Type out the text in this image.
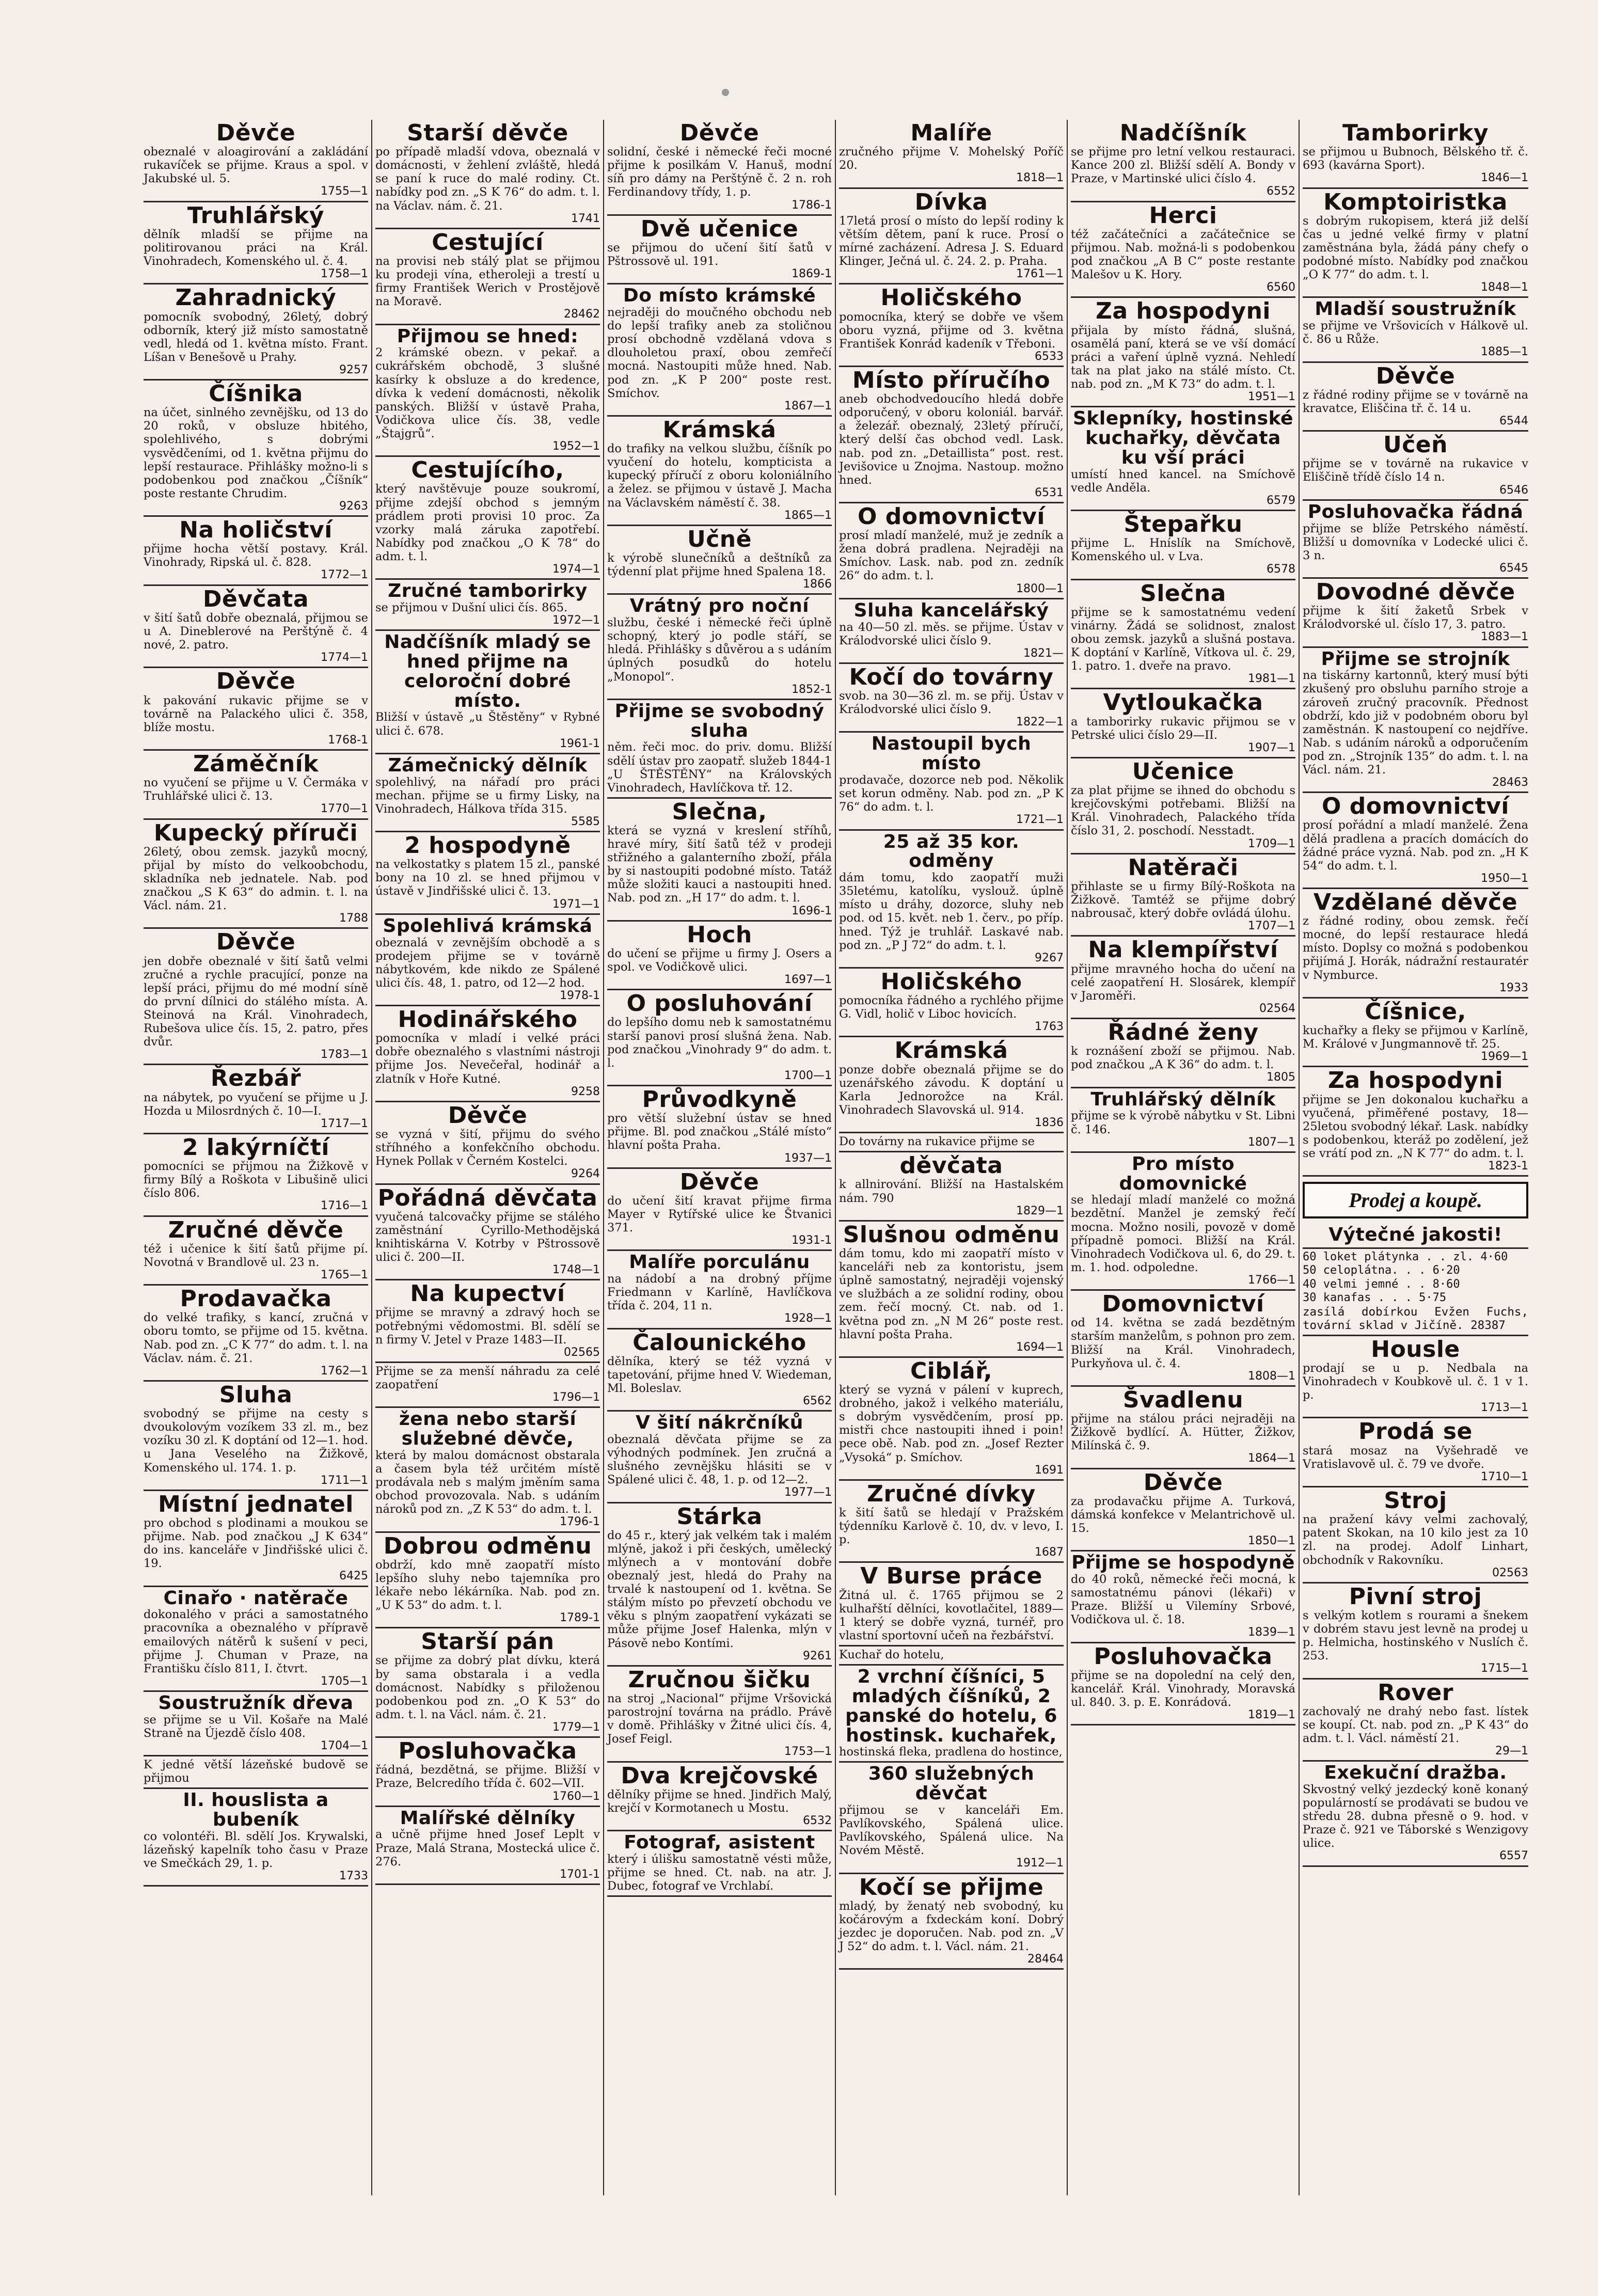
Děvče
obeznalé v aloagirování a zakládání rukavíček se přijme. Kraus a spol. v Jakubské ul. 5.
1755—1
Truhlářský
dělník mladší se přijme na politirovanou práci na Král. Vinohradech, Komenského ul. č. 4.
1758—1
Zahradnický
pomocník svobodný, 26letý, dobrý odborník, který již místo samostatně vedl, hledá od 1. května místo. Frant. Líšan v Benešově u Prahy.
9257
Číšnika
na účet, sinlného zevnějšku, od 13 do 20 roků, v obsluze hbitého, spolehlivého, s dobrými vysvědčeními, od 1. května přijmu do lepší restaurace. Přihlášky možno-li s podobenkou pod značkou „Číšník“ poste restante Chrudim.
9263
Na holičství
přijme hocha větší postavy. Král. Vinohrady, Ripská ul. č. 828.
1772—1
Děvčata
v šití šatů dobře obeznalá, přijmou se u A. Dineblerové na Perštýně č. 4 nové, 2. patro.
1774—1
Děvče
k pakování rukavic přijme se v továrně na Palackého ulici č. 358, blíže mostu.
1768-1
Záměčník
no vyučení se přijme u V. Čermáka v Truhlářské ulici č. 13.
1770—1
Kupecký příruči
26letý, obou zemsk. jazyků mocný, přijal by místo do velkoobchodu, skladníka neb jednatele. Nab. pod značkou „S K 63“ do admin. t. l. na Václ. nám. 21.
1788
Děvče
jen dobře obeznalé v šití šatů velmi zručné a rychle pracující, ponze na lepší práci, přijmu do mé modní síně do první dílnici do stálého místa. A. Steinová na Král. Vinohradech, Rubešova ulice čís. 15, 2. patro, přes dvůr.
1783—1
Řezbář
na nábytek, po vyučení se přijme u J. Hozda u Milosrdných č. 10—I.
1717—1
2 lakýrníčtí
pomocníci se přijmou na Žižkově v firmy Bílý a Roškota v Libušině ulici číslo 806.
1716—1
Zručné děvče
též i učenice k šití šatů přijme pí. Novotná v Brandlově ul. 23 n.
1765—1
Prodavačka
do velké trafiky, s kancí, zručná v oboru tomto, se přijme od 15. května. Nab. pod zn. „C K 77“ do adm. t. l. na Václav. nám. č. 21.
1762—1
Sluha
svobodný se přijme na cesty s dvoukolovým vozíkem 33 zl. m., bez vozíku 30 zl. K doptání od 12—1. hod. u Jana Veselého na Žižkově, Komenského ul. 174. 1. p.
1711—1
Místní jednatel
pro obchod s plodinami a moukou se přijme. Nab. pod značkou „J K 634“ do ins. kanceláře v Jindřišské ulici č. 19.
6425
Cinařo · natěrače
dokonalého v práci a samostatného pracovníka a obeznalého v přípravě emailových nátěrů k sušení v peci, přijme J. Chuman v Praze, na Františku číslo 811, I. čtvrt.
1705—1
Soustružník dřeva
se přijme se u Vil. Košaře na Malé Straně na Újezdě číslo 408.
1704—1
K jedné větší lázeňské budově se přijmou
II. houslista a bubeník
co volontéři. Bl. sdělí Jos. Krywalski, lázeňský kapelník toho času v Praze ve Smečkách 29, 1. p.
1733
Starší děvče
po případě mladší vdova, obeznalá v domácnosti, v žehlení zvláště, hledá se paní k ruce do malé rodiny. Ct. nabídky pod zn. „S K 76“ do adm. t. l. na Václav. nám. č. 21.
1741
Cestující
na provisi neb stálý plat se přijmou ku prodeji vína, etheroleji a trestí u firmy František Werich v Prostějově na Moravě.
28462
Přijmou se hned:
2 krámské obezn. v pekař. a cukrářském obchodě, 3 slušné kasírky k obsluze a do kredence, dívka k vedení domácnosti, několik panských. Bližší v ústavě Praha, Vodičkova ulice čís. 38, vedle „Štajgrů“.
1952—1
Cestujícího,
který navštěvuje pouze soukromí, přijme zdejší obchod s jemným prádlem proti provisi 10 proc. Za vzorky malá záruka zapotřebí. Nabídky pod značkou „O K 78“ do adm. t. l.
1974—1
Zručné tamborirky
se přijmou v Dušní ulici čís. 865.
1972—1
Nadčíšník mladý se hned přijme na celoroční dobré místo.
Bližší v ústavě „u Štěstěny“ v Rybné ulici č. 678.
1961-1
Zámečnický dělník
spolehlivý, na nářadí pro práci mechan. přijme se u firmy Lisky, na Vinohradech, Hálkova třída 315.
5585
2 hospodyně
na velkostatky s platem 15 zl., panské bony na 10 zl. se hned přijmou v ústavě v Jindřišské ulici č. 13.
1971—1
Spolehlivá krámská
obeznalá v zevnějším obchodě a s prodejem přijme se v továrně nábytkovém, kde nikdo ze Spálené ulici čís. 48, 1. patro, od 12—2 hod.
1978-1
Hodinářského
pomocníka v mladí i velké práci dobře obeznalého s vlastními nástroji přijme Jos. Nevečeřal, hodinář a zlatník v Hoře Kutné.
9258
Děvče
se vyzná v šití, přijmu do svého stříhného a konfekčního obchodu. Hynek Pollak v Černém Kostelci.
9264
Pořádná děvčata
vyučená talcovačky přijme se stálého zaměstnání Cyrillo-Methodějská knihtiskárna V. Kotrby v Pštrossově ulici č. 200—II.
1748—1
Na kupectví
přijme se mravný a zdravý hoch se potřebnými vědomostmi. Bl. sdělí se n firmy V. Jetel v Praze 1483—II.
02565
Přijme se za menší náhradu za celé zaopatření
1796—1
žena nebo starší služebné děvče,
která by malou domácnost obstarala a časem byla též určitém místě prodávala neb s malým jměním sama obchod provozovala. Nab. s udáním nároků pod zn. „Z K 53“ do adm. t. l.
1796-1
Dobrou odměnu
obdrží, kdo mně zaopatří místo lepšího sluhy nebo tajemníka pro lékaře nebo lékárníka. Nab. pod zn. „U K 53“ do adm. t. l.
1789-1
Starší pán
se přijme za dobrý plat dívku, která by sama obstarala i a vedla domácnost. Nabídky s přiloženou podobenkou pod zn. „O K 53“ do adm. t. l. na Václ. nám. č. 21.
1779—1
Posluhovačka
řádná, bezdětná, se přijme. Bližší v Praze, Belcredího třída č. 602—VII.
1760—1
Malířské dělníky
a učně přijme hned Josef Leplt v Praze, Malá Strana, Mostecká ulice č. 276.
1701-1
Děvče
solidní, české i německé řeči mocné přijme k posilkám V. Hanuš, modní síň pro dámy na Perštýně č. 2 n. roh Ferdinandovy třídy, 1. p.
1786-1
Dvě učenice
se přijmou do učení šití šatů v Pštrossově ul. 191.
1869-1
Do místo krámské
nejraději do moučného obchodu neb do lepší trafiky aneb za stoličnou prosí obchodně vzdělaná vdova s dlouholetou praxí, obou zemřečí mocná. Nastoupiti může hned. Nab. pod zn. „K P 200“ poste rest. Smíchov.
1867—1
Krámská
do trafiky na velkou službu, číšník po vyučení do hotelu, kompticista a kupecký příručí z oboru koloniálního a želez. se přijmou v ústavě J. Macha na Václavském náměstí č. 38.
1865—1
Učně
k výrobě slunečníků a deštníků za týdenní plat přijme hned Spalena 18.
1866
Vrátný pro noční
službu, české i německé řeči úplně schopný, který jo podle stáří, se hledá. Přihlášky s důvěrou a s udáním úplných posudků do hotelu „Monopol“.
1852-1
Přijme se svobodný sluha
něm. řeči moc. do priv. domu. Bližší sdělí ústav pro zaopatř. služeb 1844-1 „U ŠTĚSTĚNY“ na Královských Vinohradech, Havlíčkova tř. 12.
Slečna,
která se vyzná v kreslení stříhů, hravé míry, šití šatů též v prodeji střižného a galanterního zboží, přála by si nastoupiti podobné místo. Tatáž může složiti kauci a nastoupiti hned. Nab. pod zn. „H 17“ do adm. t. l.
1696-1
Hoch
do učení se přijme u firmy J. Osers a spol. ve Vodičkově ulici.
1697—1
O posluhování
do lepšího domu neb k samostatnému starší panovi prosí slušná žena. Nab. pod značkou „Vinohrady 9“ do adm. t. l.
1700—1
Průvodkyně
pro větší služební ústav se hned přijme. Bl. pod značkou „Stálé místo“ hlavní pošta Praha.
1937—1
Děvče
do učení šití kravat přijme firma Mayer v Rytířské ulice ke Štvanici 371.
1931-1
Malíře porculánu
na nádobí a na drobný příjme Friedmann v Karlíně, Havlíčkova třída č. 204, 11 n.
1928—1
Čalounického
dělníka, který se též vyzná v tapetování, přijme hned V. Wiedeman, Ml. Boleslav.
6562
V šití nákrčníků
obeznalá děvčata přijme se za výhodných podmínek. Jen zručná a slušného zevnějšku hlásiti se v Spálené ulici č. 48, 1. p. od 12—2.
1977—1
Stárka
do 45 r., který jak velkém tak i malém mlýně, jakož i při českých, umělecký mlýnech a v montování dobře obeznalý jest, hledá do Prahy na trvalé k nastoupení od 1. května. Se stálým místo po převzetí obchodu ve věku s plným zaopatření vykázati se může přijme Josef Halenka, mlýn v Pásově nebo Kontími.
9261
Zručnou šičku
na stroj „Nacional“ přijme Vršovická parostrojní továrna na prádlo. Právě v domě. Přihlášky v Žitné ulici čís. 4, Josef Feigl.
1753—1
Dva krejčovské
dělníky přijme se hned. Jindřich Malý, krejčí v Kormotanech u Mostu.
6532
Fotograf, asistent
který i úlišku samostatně vésti může, přijme se hned. Ct. nab. na atr. J. Dubec, fotograf ve Vrchlabí.
Malíře
zručného přijme V. Mohelský Poříč 20.
1818—1
Dívka
17letá prosí o místo do lepší rodiny k větším dětem, paní k ruce. Prosí o mírné zacházení. Adresa J. S. Eduard Klinger, Ječná ul. č. 24. 2. p. Praha.
1761—1
Holičského
pomocníka, který se dobře ve všem oboru vyzná, přijme od 3. května František Konrád kadeník v Třeboni.
6533
Místo příručího
aneb obchodvedoucího hledá dobře odporučený, v oboru koloniál. barvář. a železář. obeznalý, 23letý příručí, který delší čas obchod vedl. Lask. nab. pod zn. „Detaillista“ post. rest. Jevišovice u Znojma. Nastoup. možno hned.
6531
O domovnictví
prosí mladí manželé, muž je zedník a žena dobrá pradlena. Nejraději na Smíchov. Lask. nab. pod zn. zedník 26“ do adm. t. l.
1800—1
Sluha kancelářský
na 40—50 zl. měs. se přijme. Ústav v Králodvorské ulici číslo 9.
1821—
Kočí do továrny
svob. na 30—36 zl. m. se přij. Ústav v Králodvorské ulici číslo 9.
1822—1
Nastoupil bych místo
prodavače, dozorce neb pod. Několik set korun odměny. Nab. pod zn. „P K 76“ do adm. t. l.
1721—1
25 až 35 kor. odměny
dám tomu, kdo zaopatří muži 35letému, katolíku, vyslouž. úplně místo u dráhy, dozorce, sluhy neb pod. od 15. květ. neb 1. červ., po příp. hned. Týž je truhlář. Laskavé nab. pod zn. „P J 72“ do adm. t. l.
9267
Holičského
pomocníka řádného a rychlého přijme G. Vidl, holič v Liboc hovicích.
1763
Krámská
ponze dobře obeznalá přijme se do uzenářského závodu. K doptání u Karla Jednorožce na Král. Vinohradech Slavovská ul. 914.
1836
Do továrny na rukavice přijme se
děvčata
k allnirování. Bližší na Hastalském nám. 790
1829—1
Slušnou odměnu
dám tomu, kdo mi zaopatří místo v kanceláři neb za kontoristu, jsem úplně samostatný, nejraději vojenský ve službách a ze solidní rodiny, obou zem. řečí mocný. Ct. nab. od 1. května pod zn. „N M 26“ poste rest. hlavní pošta Praha.
1694—1
Ciblář,
který se vyzná v pálení v kuprech, drobného, jakož i velkého materiálu, s dobrým vysvědčením, prosí pp. mistři chce nastoupiti ihned i poin! pece obě. Nab. pod zn. „Josef Rezter „Vysoká“ p. Smíchov.
1691
Zručné dívky
k šití šatů se hledají v Pražském týdenníku Karlově č. 10, dv. v levo, I. p.
1687
V Burse práce
Žitná ul. č. 1765 přijmou se 2 kulhařští dělníci, kovotlačitel, 1889—1 který se dobře vyzná, turnéř, pro vlastní sportovní učeň na řezbářství.
Kuchař do hotelu,
2 vrchní číšníci, 5 mladých číšníků, 2 panské do hotelu, 6 hostinsk. kuchařek,
hostinská fleka, pradlena do hostince,
360 služebných děvčat
přijmou se v kanceláři Em. Pavlíkovského, Spálená ulice. Pavlíkovského, Spálená ulice. Na Novém Městě.
1912—1
Kočí se přijme
mladý, by ženatý neb svobodný, ku kočárovým a fxdeckám koní. Dobrý jezdec je doporučen. Nab. pod zn. „V J 52“ do adm. t. l. Václ. nám. 21.
28464
Nadčíšník
se přijme pro letní velkou restauraci. Kance 200 zl. Bližší sdělí A. Bondy v Praze, v Martinské ulici číslo 4.
6552
Herci
též začátečníci a začátečnice se přijmou. Nab. možná-li s podobenkou pod značkou „A B C“ poste restante Malešov u K. Hory.
6560
Za hospodyni
přijala by místo řádná, slušná, osamělá paní, která se ve vší domácí práci a vaření úplně vyzná. Nehledí tak na plat jako na stálé místo. Ct. nab. pod zn. „M K 73“ do adm. t. l.
1951—1
Sklepníky, hostinské kuchařky, děvčata ku vší práci
umístí hned kancel. na Smíchově vedle Anděla.
6579
Štepařku
přijme L. Hníslík na Smíchově, Komenského ul. v Lva.
6578
Slečna
přijme se k samostatnému vedení vinárny. Žádá se solidnost, znalost obou zemsk. jazyků a slušná postava. K doptání v Karlíně, Vítkova ul. č. 29, 1. patro. 1. dveře na pravo.
1981—1
Vytloukačka
a tamborirky rukavic přijmou se v Petrské ulici číslo 29—II.
1907—1
Učenice
za plat přijme se ihned do obchodu s krejčovskými potřebami. Bližší na Král. Vinohradech, Palackého třída číslo 31, 2. poschodí. Nesstadt.
1709—1
Natěrači
přihlaste se u firmy Bílý-Roškota na Žižkově. Tamtéž se přijme dobrý nabrousač, který dobře ovládá úlohu.
1707—1
Na klempířství
přijme mravného hocha do učení na celé zaopatření H. Slosárek, klempíř v Jaroměři.
02564
Řádné ženy
k roznášení zboží se přijmou. Nab. pod značkou „A K 36“ do adm. t. l.
1805
Truhlářský dělník
přijme se k výrobě nábytku v St. Libni č. 146.
1807—1
Pro místo domovnické
se hledají mladí manželé co možná bezdětní. Manžel je zemský řečí mocna. Možno nosili, povozě v domě případně pomoci. Bližší na Král. Vinohradech Vodičkova ul. 6, do 29. t. m. 1. hod. odpoledne.
1766—1
Domovnictví
od 14. května se zadá bezdětným starším manželům, s pohnon pro zem. Bližší na Král. Vinohradech, Purkyňova ul. č. 4.
1808—1
Švadlenu
přijme na stálou práci nejraději na Žižkově bydlící. A. Hütter, Žižkov, Milínská č. 9.
1864—1
Děvče
za prodavačku přijme A. Turková, dámská konfekce v Melantrichově ul. 15.
1850—1
Přijme se hospodyně
do 40 roků, německé řeči mocná, k samostatnému pánovi (lékaři) v Praze. Bližší u Vilemíny Srbové, Vodičkova ul. č. 18.
1839—1
Posluhovačka
přijme se na dopolední na celý den, kancelář. Král. Vinohrady, Moravská ul. 840. 3. p. E. Konrádová.
1819—1
Tamborirky
se přijmou u Bubnoch, Bělského tř. č. 693 (kavárna Sport).
1846—1
Komptoiristka
s dobrým rukopisem, která již delší čas u jedné velké firmy v platní zaměstnána byla, žádá pány chefy o podobné místo. Nabídky pod značkou „O K 77“ do adm. t. l.
1848—1
Mladší soustružník
se přijme ve Vršovicích v Hálkově ul. č. 86 u Růže.
1885—1
Děvče
z řádné rodiny přijme se v továrně na kravatce, Eliščina tř. č. 14 u.
6544
Učeň
přijme se v továrně na rukavice v Eliščině třídě číslo 14 n.
6546
Posluhovačka řádná
přijme se blíže Petrského náměstí. Bližší u domovníka v Lodecké ulici č. 3 n.
6545
Dovodné děvče
přijme k šití žaketů Srbek v Králodvorské ul. číslo 17, 3. patro.
1883—1
Přijme se strojník
na tiskárny kartonnů, který musí býti zkušený pro obsluhu parního stroje a zároveň zručný pracovník. Přednost obdrží, kdo již v podobném oboru byl zaměstnán. K nastoupení co nejdříve. Nab. s udáním nároků a odporučením pod zn. „Strojník 135“ do adm. t. l. na Václ. nám. 21.
28463
O domovnictví
prosí pořádní a mladí manželé. Žena dělá pradlena a pracích domácích do žádné práce vyzná. Nab. pod zn. „H K 54“ do adm. t. l.
1950—1
Vzdělané děvče
z řádné rodiny, obou zemsk. řečí mocné, do lepší restaurace hledá místo. Doplsy co možná s podobenkou přijímá J. Horák, nádražní restauratér v Nymburce.
1933
Číšnice,
kuchařky a fleky se přijmou v Karlíně, M. Králové v Jungmannově tř. 25.
1969—1
Za hospodyni
přijme se Jen dokonalou kuchařku a vyučená, přiměřené postavy, 18—25letou svobodný lékař. Lask. nabídky s podobenkou, kteráž po zodělení, jež se vrátí pod zn. „N K 77“ do adm. t. l.
1823-1
Prodej a koupě.
Výtečné jakosti!
60 loket plátynka . . zl. 4·60
50 celoplátna. . . 6·20
40 velmi jemné . . 8·60
30 kanafas . . . 5·75
zasílá dobírkou Evžen Fuchs, tovární sklad v Jičíně. 28387
Housle
prodají se u p. Nedbala na Vinohradech v Koubkově ul. č. 1 v 1. p.
1713—1
Prodá se
stará mosaz na Vyšehradě ve Vratislavově ul. č. 79 ve dvoře.
1710—1
Stroj
na pražení kávy velmi zachovalý, patent Skokan, na 10 kilo jest za 10 zl. na prodej. Adolf Linhart, obchodník v Rakovníku.
02563
Pivní stroj
s velkým kotlem s rourami a šnekem v dobrém stavu jest levně na prodej u p. Helmicha, hostinského v Nuslích č. 253.
1715—1
Rover
zachovalý ne drahý nebo fast. lístek se koupí. Ct. nab. pod zn. „P K 43“ do adm. t. l. Václ. náměstí 21.
29—1
Exekuční dražba.
Skvostný velký jezdecký koně konaný populárností se prodávati se budou ve středu 28. dubna přesně o 9. hod. v Praze č. 921 ve Táborské s Wenzigovy ulice.
6557
